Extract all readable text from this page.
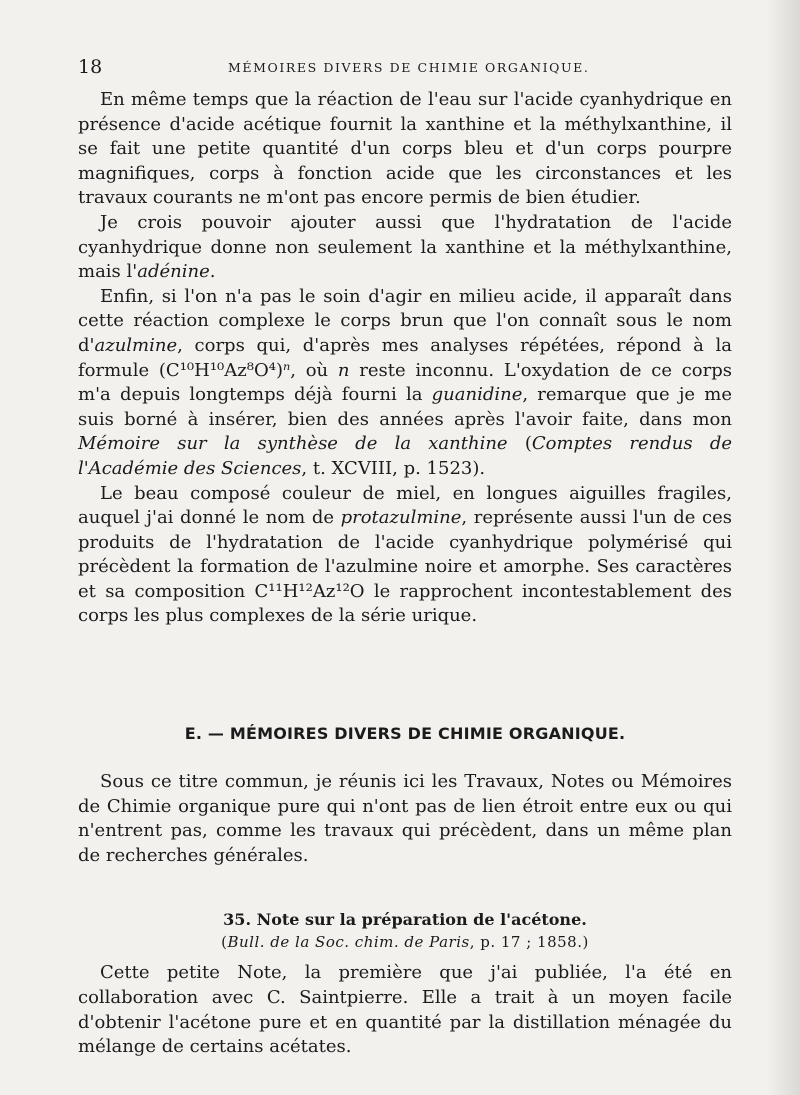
18	MÉMOIRES DIVERS DE CHIMIE ORGANIQUE.

En même temps que la réaction de l'eau sur l'acide cyanhydrique en présence d'acide acétique fournit la xanthine et la méthylxanthine, il se fait une petite quantité d'un corps bleu et d'un corps pourpre magnifiques, corps à fonction acide que les circonstances et les travaux courants ne m'ont pas encore permis de bien étudier.

Je crois pouvoir ajouter aussi que l'hydratation de l'acide cyanhydrique donne non seulement la xanthine et la méthylxanthine, mais l'adénine.

Enfin, si l'on n'a pas le soin d'agir en milieu acide, il apparaît dans cette réaction complexe le corps brun que l'on connaît sous le nom d'azulmine, corps qui, d'après mes analyses répétées, répond à la formule (C¹⁰H¹⁰Az⁸O⁴)ⁿ, où n reste inconnu. L'oxydation de ce corps m'a depuis longtemps déjà fourni la guanidine, remarque que je me suis borné à insérer, bien des années après l'avoir faite, dans mon Mémoire sur la synthèse de la xanthine (Comptes rendus de l'Académie des Sciences, t. XCVIII, p. 1523).

Le beau composé couleur de miel, en longues aiguilles fragiles, auquel j'ai donné le nom de protazulmine, représente aussi l'un de ces produits de l'hydratation de l'acide cyanhydrique polymérisé qui précèdent la formation de l'azulmine noire et amorphe. Ses caractères et sa composition C¹¹H¹²Az¹²O le rapprochent incontestablement des corps les plus complexes de la série urique.

E. — MÉMOIRES DIVERS DE CHIMIE ORGANIQUE.

Sous ce titre commun, je réunis ici les Travaux, Notes ou Mémoires de Chimie organique pure qui n'ont pas de lien étroit entre eux ou qui n'entrent pas, comme les travaux qui précèdent, dans un même plan de recherches générales.

35. Note sur la préparation de l'acétone.
(Bull. de la Soc. chim. de Paris, p. 17 ; 1858.)

Cette petite Note, la première que j'ai publiée, l'a été en collaboration avec C. Saintpierre. Elle a trait à un moyen facile d'obtenir l'acétone pure et en quantité par la distillation ménagée du mélange de certains acétates.
